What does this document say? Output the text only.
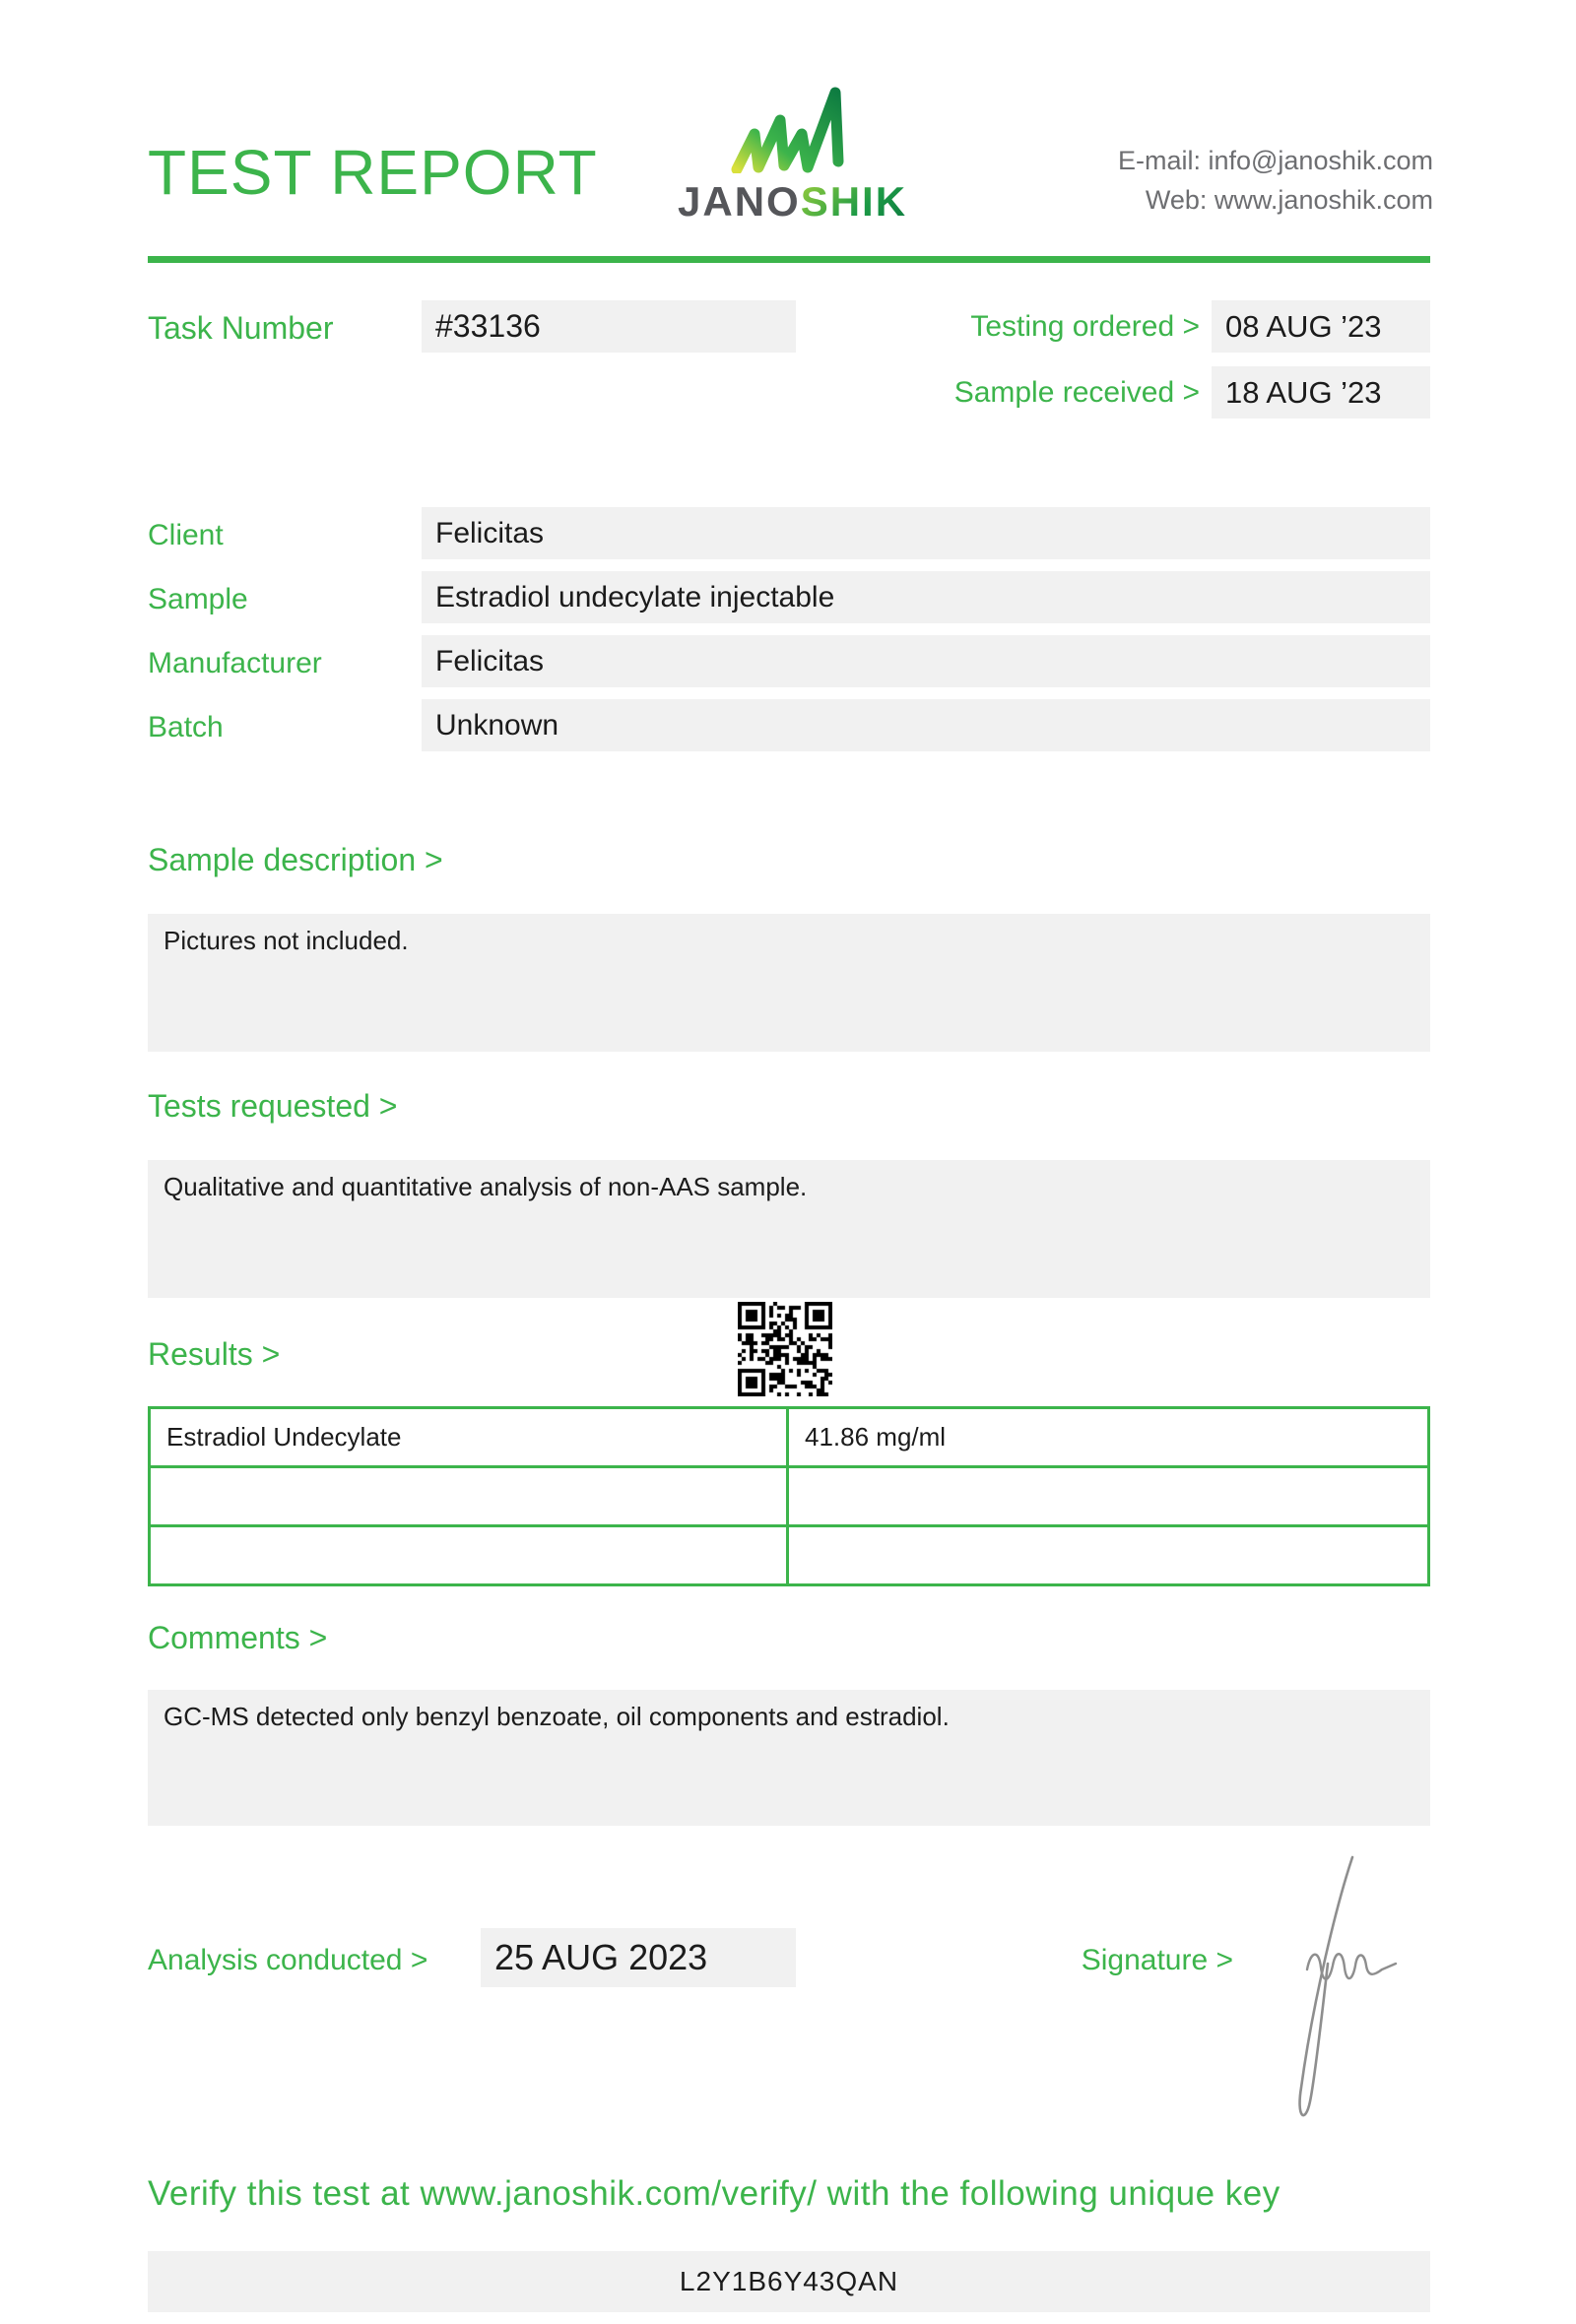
TEST REPORT JANOSHIK
E-mail: info@janoshik.com
Web: www.janoshik.com
Task Number	#33136	Testing ordered > 08 AUG ’23
Sample received > 18 AUG ’23
Client	Felicitas
Sample	Estradiol undecylate injectable
Manufacturer	Felicitas
Batch	Unknown
Sample description >
Pictures not included.
Tests requested >
Qualitative and quantitative analysis of non-AAS sample.
Results >
Estradiol Undecylate	41.86 mg/ml

Comments >
GC-MS detected only benzyl benzoate, oil components and estradiol.
Analysis conducted >	25 AUG 2023	Signature >
Verify this test at www.janoshik.com/verify/ with the following unique key
L2Y1B6Y43QAN
